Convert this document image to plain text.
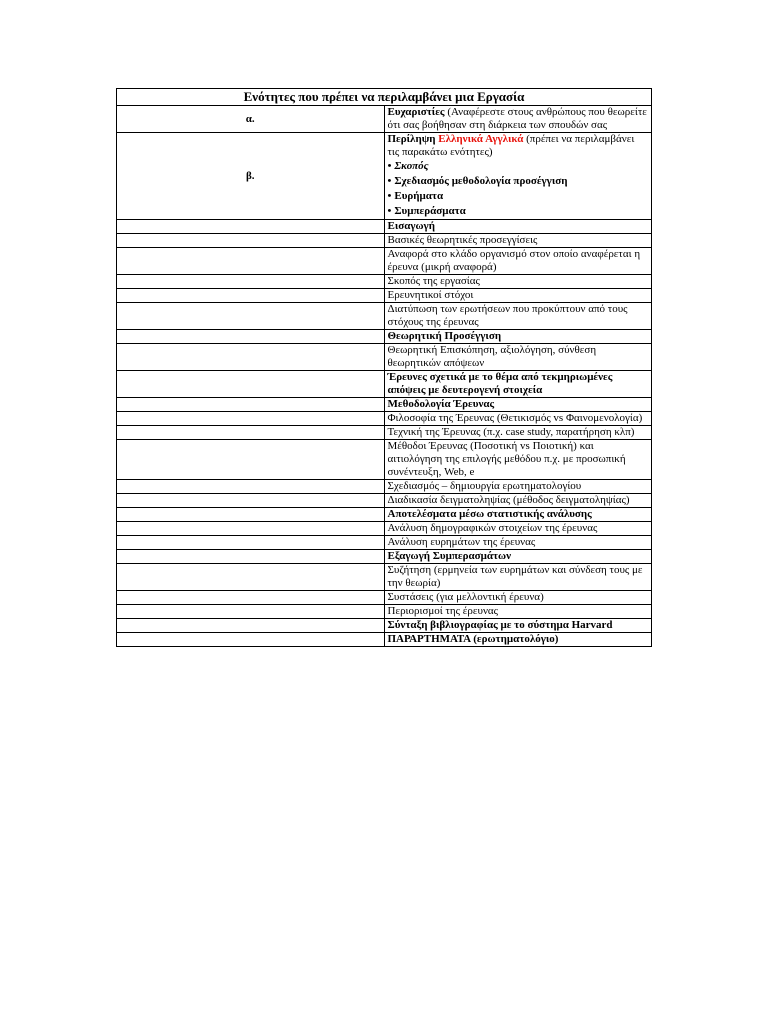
Ενότητες που πρέπει να περιλαμβάνει μια Εργασία	
α.	Ευχαριστίες (Αναφέρεστε στους ανθρώπους που θεωρείτε ότι σας βοήθησαν στη διάρκεια των σπουδών σας
β.	Περίληψη Ελληνικά Αγγλικά (πρέπει να περιλαμβάνει τις παρακάτω ενότητες)
• Σκοπός
• Σχεδιασμός μεθοδολογία προσέγγιση
• Ευρήματα
• Συμπεράσματα

	Εισαγωγή
	Βασικές θεωρητικές προσεγγίσεις
	Αναφορά στο κλάδο οργανισμό στον οποίο αναφέρεται η έρευνα (μικρή αναφορά)
	Σκοπός της εργασίας
	Ερευνητικοί στόχοι
	Διατύπωση των ερωτήσεων που προκύπτουν από τους στόχους της έρευνας
	Θεωρητική Προσέγγιση
	Θεωρητική Επισκόπηση, αξιολόγηση, σύνθεση θεωρητικών απόψεων
	Έρευνες σχετικά με το θέμα από τεκμηριωμένες απόψεις με δευτερογενή στοιχεία
	Μεθοδολογία Έρευνας
	Φιλοσοφία της Έρευνας (Θετικισμός vs Φαινομενολογία)
	Τεχνική της Έρευνας (π.χ. case study, παρατήρηση κλπ)
	Μέθοδοι Έρευνας (Ποσοτική vs Ποιοτική) και αιτιολόγηση της επιλογής μεθόδου π.χ. με προσωπική συνέντευξη, Web, e
	Σχεδιασμός – δημιουργία ερωτηματολογίου
	Διαδικασία δειγματοληψίας (μέθοδος δειγματοληψίας)
	Αποτελέσματα μέσω στατιστικής ανάλυσης
	Ανάλυση δημογραφικών στοιχείων της έρευνας
	Ανάλυση ευρημάτων της έρευνας
	Εξαγωγή Συμπερασμάτων
	Συζήτηση (ερμηνεία των ευρημάτων και σύνδεση τους με την θεωρία)
	Συστάσεις (για μελλοντική έρευνα)
	Περιορισμοί της έρευνας
	Σύνταξη βιβλιογραφίας με το σύστημα Harvard
	ΠΑΡΑΡΤΗΜΑΤΑ (ερωτηματολόγιο)
